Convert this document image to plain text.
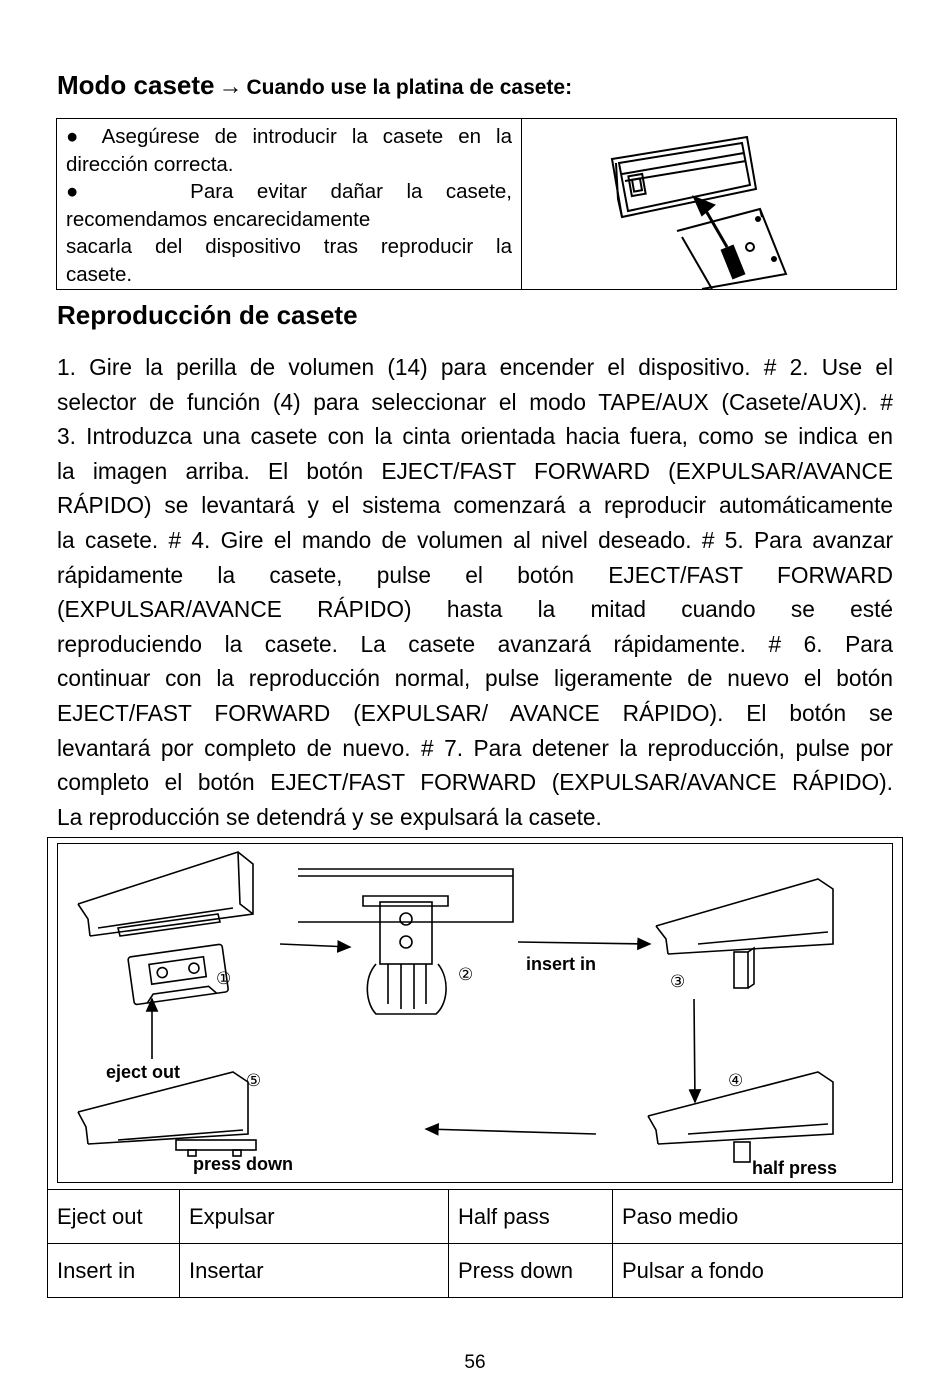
Modo casete → Cuando use la platina de casete:

● Asegúrese de introducir la casete en la

dirección correcta.

●	Para evitar dañar la casete,

recomendamos encarecidamente

sacarla del dispositivo tras reproducir la

casete.

Reproducción de casete
1. Gire la perilla de volumen (14) para encender el dispositivo. # 2. Use el
selector de función (4) para seleccionar el modo TAPE/AUX (Casete/AUX). #
3. Introduzca una casete con la cinta orientada hacia fuera, como se indica en
la imagen arriba. El botón EJECT/FAST FORWARD (EXPULSAR/AVANCE
RÁPIDO) se levantará y el sistema comenzará a reproducir automáticamente
la casete. # 4. Gire el mando de volumen al nivel deseado. # 5. Para avanzar
rápidamente la casete, pulse el botón EJECT/FAST FORWARD
(EXPULSAR/AVANCE RÁPIDO) hasta la mitad cuando se esté
reproduciendo la casete. La casete avanzará rápidamente. # 6. Para
continuar con la reproducción normal, pulse ligeramente de nuevo el botón
EJECT/FAST FORWARD (EXPULSAR/ AVANCE RÁPIDO). El botón se
levantará por completo de nuevo. # 7. Para detener la reproducción, pulse por
completo el botón EJECT/FAST FORWARD (EXPULSAR/AVANCE RÁPIDO).
La reproducción se detendrá y se expulsará la casete.
①	②	③
④
⑤
eject out
insert in
press down	half press
Eject out	Expulsar	Half pass	Paso medio
Insert in	Insertar	Press down	Pulsar a fondo
56
